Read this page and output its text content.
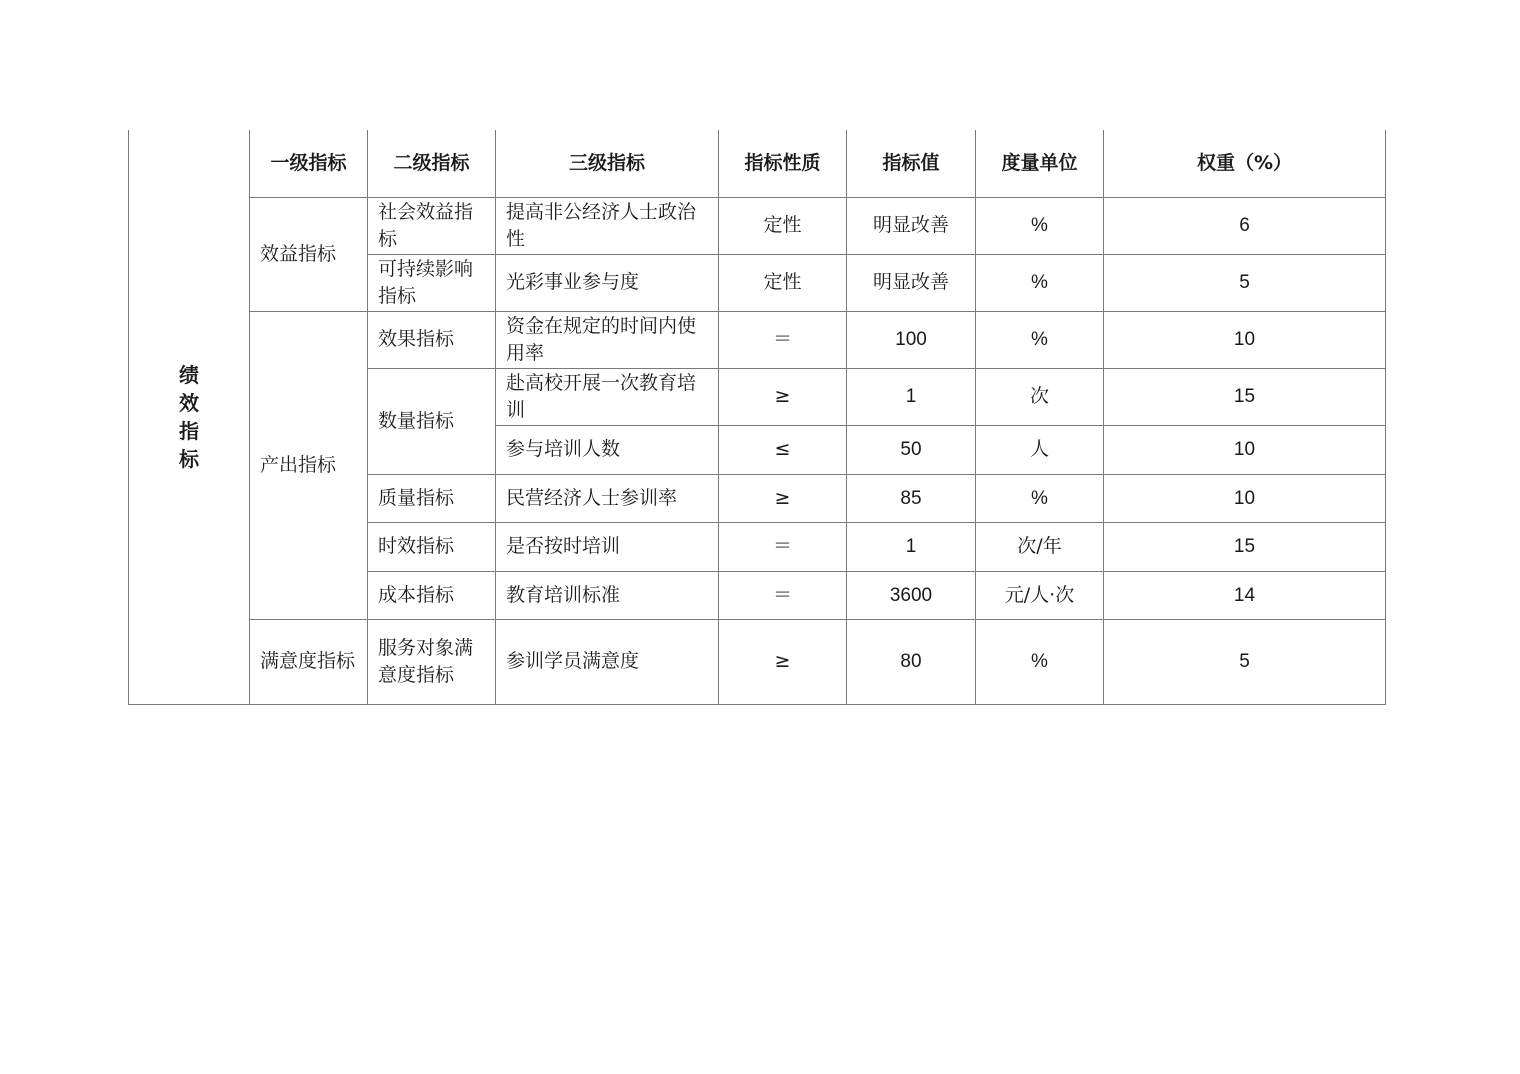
绩
效
指
标	一级指标	二级指标	三级指标	指标性质	指标值	度量单位	权重（%）
	效益指标	社会效益指标	提高非公经济人士政治性	定性	明显改善	%	6
		可持续影响指标	光彩事业参与度	定性	明显改善	%	5
	产出指标	效果指标	资金在规定的时间内使用率	＝	100	%	10
		数量指标	赴高校开展一次教育培训	≥	1	次	15
			参与培训人数	≤	50	人	10
		质量指标	民营经济人士参训率	≥	85	%	10
		时效指标	是否按时培训	＝	1	次/年	15
		成本指标	教育培训标准	＝	3600	元/人·次	14
	满意度指标	服务对象满意度指标	参训学员满意度	≥	80	%	5
